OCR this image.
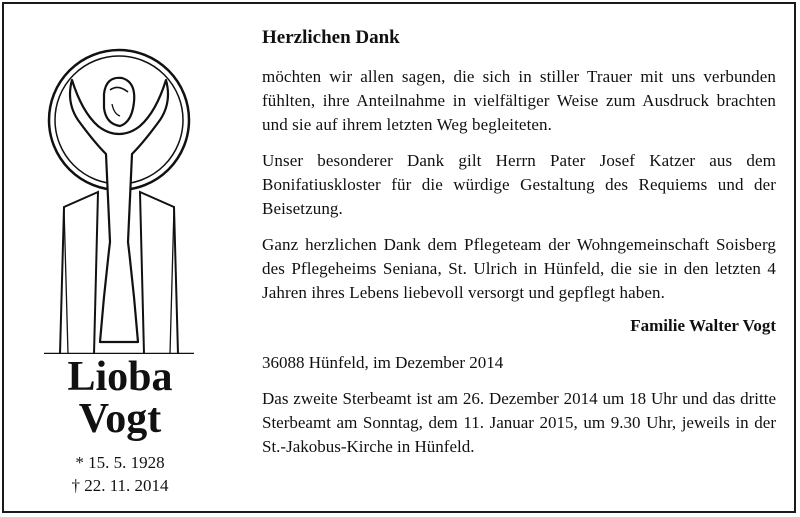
Lioba
Vogt
* 15. 5. 1928
† 22. 11. 2014
Herzlichen Dank

möchten wir allen sagen, die sich in stiller Trauer mit uns verbunden fühlten, ihre Anteilnahme in vielfältiger Weise zum Ausdruck brachten und sie auf ihrem letzten Weg begleiteten.

Unser besonderer Dank gilt Herrn Pater Josef Katzer aus dem Bonifatiuskloster für die würdige Gestaltung des Requiems und der Beisetzung.

Ganz herzlichen Dank dem Pflegeteam der Wohngemeinschaft Soisberg des Pflegeheims Seniana, St. Ulrich in Hünfeld, die sie in den letzten 4 Jahren ihres Lebens liebevoll versorgt und gepflegt haben.

Familie Walter Vogt
36088 Hünfeld, im Dezember 2014

Das zweite Sterbeamt ist am 26. Dezember 2014 um 18 Uhr und das dritte Sterbeamt am Sonntag, dem 11. Januar 2015, um 9.30 Uhr, jeweils in der St.-Jakobus-Kirche in Hünfeld.
